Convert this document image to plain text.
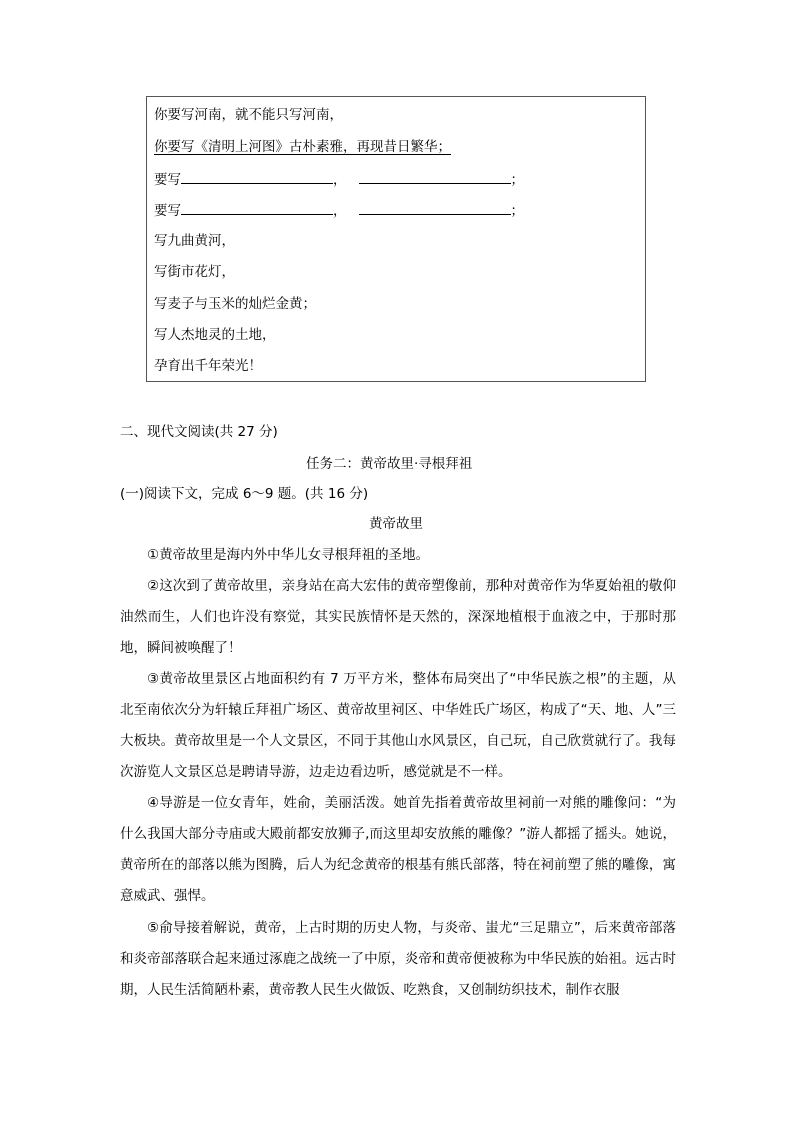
你要写河南，就不能只写河南，
你要写《清明上河图》古朴素雅，再现昔日繁华；
要写	，	；
要写	，	；
写九曲黄河，
写街市花灯，
写麦子与玉米的灿烂金黄；
写人杰地灵的土地，
孕育出千年荣光！
二、现代文阅读(共 27 分)
任务二：黄帝故里·寻根拜祖
(一)阅读下文，完成 6～9 题。(共 16 分)
黄帝故里
①黄帝故里是海内外中华儿女寻根拜祖的圣地。
②这次到了黄帝故里，亲身站在高大宏伟的黄帝塑像前，那种对黄帝作为华夏始祖的敬仰油然而生，人们也许没有察觉，其实民族情怀是天然的，深深地植根于血液之中，于那时那地，瞬间被唤醒了！
③黄帝故里景区占地面积约有 7 万平方米，整体布局突出了“中华民族之根”的主题，从北至南依次分为轩辕丘拜祖广场区、黄帝故里祠区、中华姓氏广场区，构成了“天、地、人”三大板块。黄帝故里是一个人文景区，不同于其他山水风景区，自己玩，自己欣赏就行了。我每次游览人文景区总是聘请导游，边走边看边听，感觉就是不一样。
④导游是一位女青年，姓俞，美丽活泼。她首先指着黄帝故里祠前一对熊的雕像问：“为什么我国大部分寺庙或大殿前都安放狮子,而这里却安放熊的雕像？”游人都摇了摇头。她说，黄帝所在的部落以熊为图腾，后人为纪念黄帝的根基有熊氏部落，特在祠前塑了熊的雕像，寓意威武、强悍。
⑤俞导接着解说，黄帝，上古时期的历史人物，与炎帝、蚩尤“三足鼎立”，后来黄帝部落和炎帝部落联合起来通过涿鹿之战统一了中原，炎帝和黄帝便被称为中华民族的始祖。远古时期，人民生活简陋朴素，黄帝教人民生火做饭、吃熟食，又创制纺织技术，制作衣服
